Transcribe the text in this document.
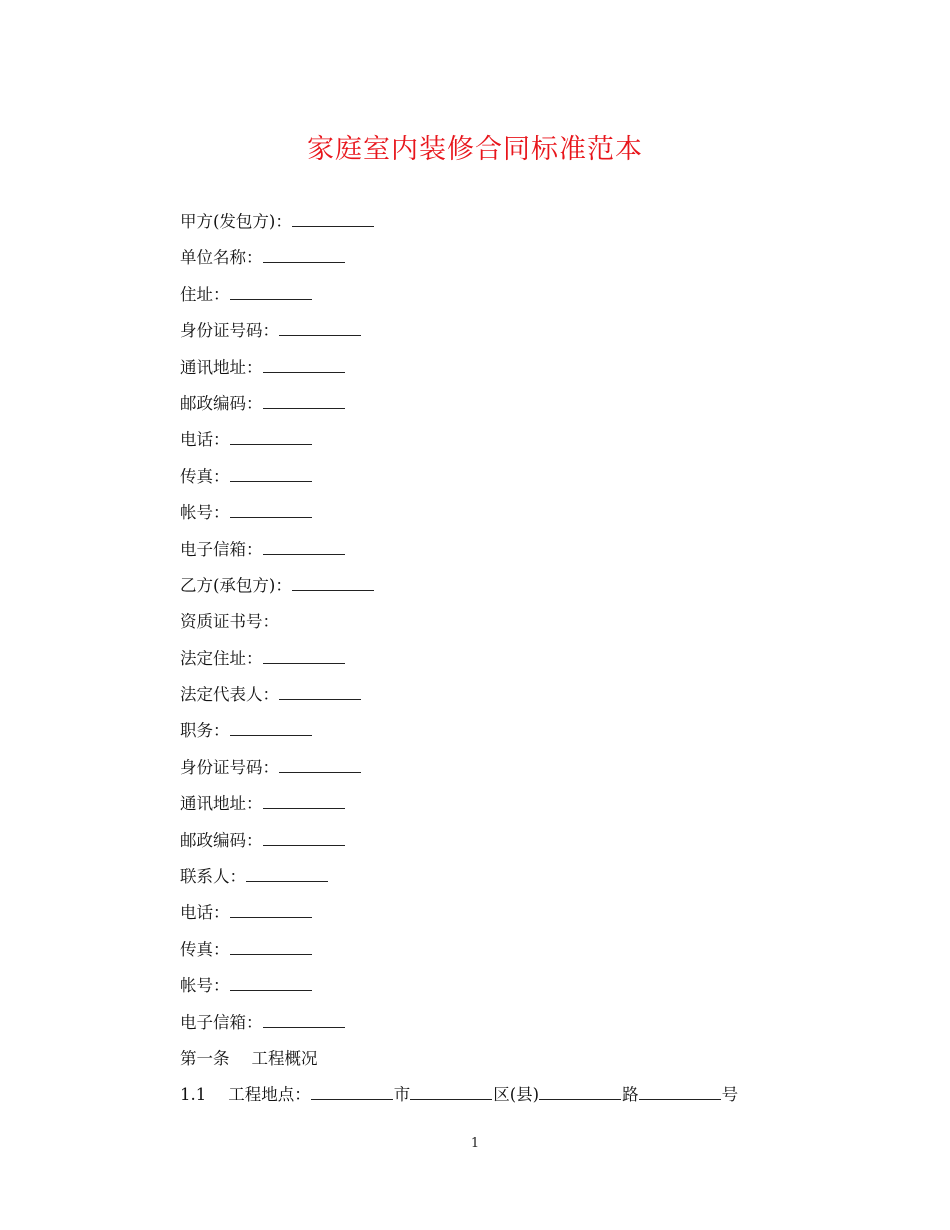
家庭室内装修合同标准范本
甲方(发包方)：
单位名称：
住址：
身份证号码：
通讯地址：
邮政编码：
电话：
传真：
帐号：
电子信箱：
乙方(承包方)：
资质证书号：
法定住址：
法定代表人：
职务：
身份证号码：
通讯地址：
邮政编码：
联系人：
电话：
传真：
帐号：
电子信箱：
第一条 工程概况
1.1 工程地点：	市	区(县)	路	号
1
